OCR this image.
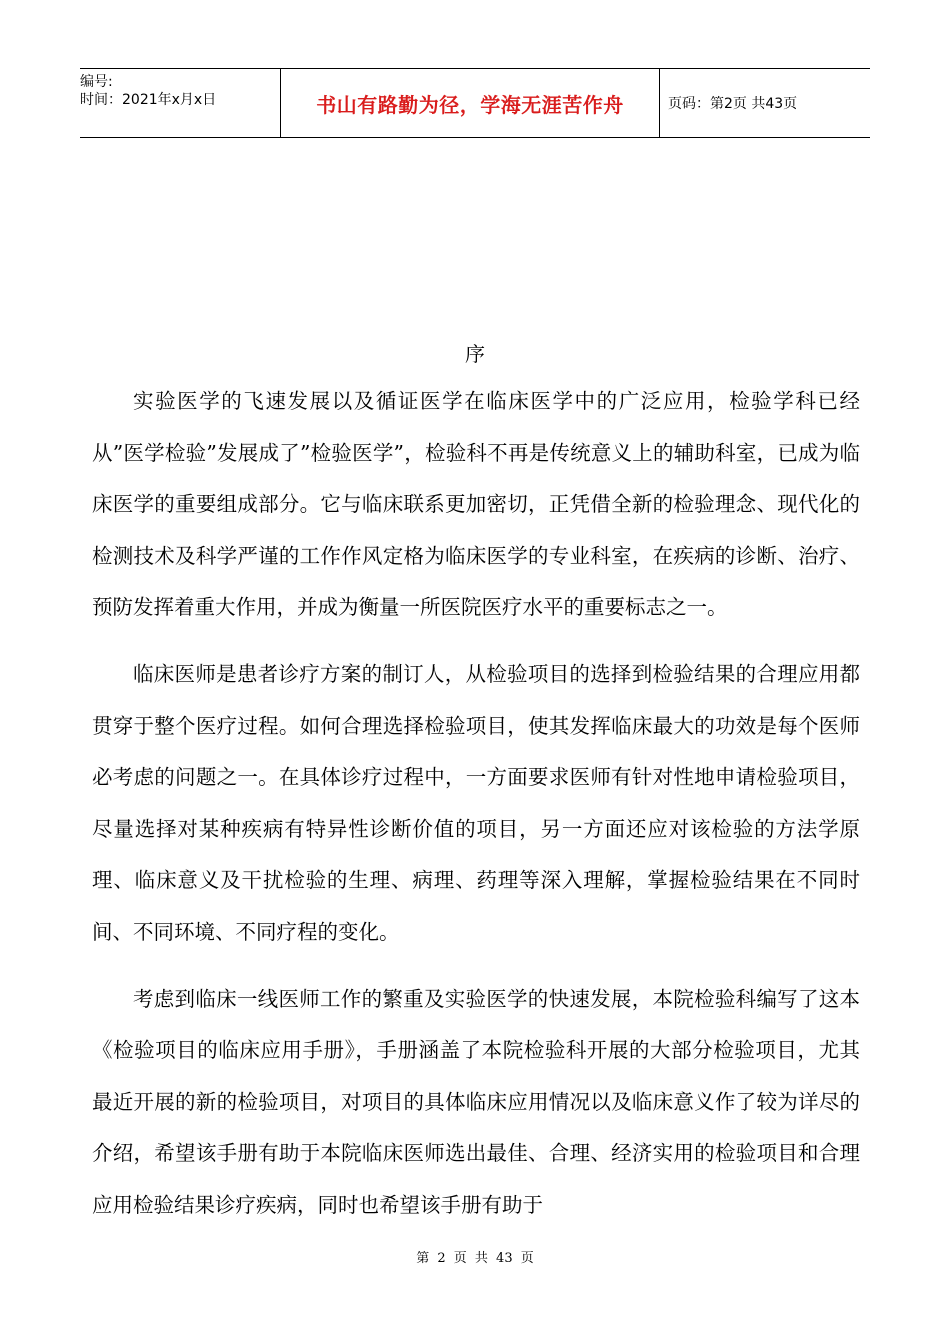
编号:
时间：2021年x月x日	书山有路勤为径，学海无涯苦作舟	页码：第2页 共43页
序

实验医学的飞速发展以及循证医学在临床医学中的广泛应用，检验学科已经从”医学检验”发展成了”检验医学”，检验科不再是传统意义上的辅助科室，已成为临床医学的重要组成部分。它与临床联系更加密切，正凭借全新的检验理念、现代化的检测技术及科学严谨的工作作风定格为临床医学的专业科室，在疾病的诊断、治疗、预防发挥着重大作用，并成为衡量一所医院医疗水平的重要标志之一。

临床医师是患者诊疗方案的制订人，从检验项目的选择到检验结果的合理应用都贯穿于整个医疗过程。如何合理选择检验项目，使其发挥临床最大的功效是每个医师必考虑的问题之一。在具体诊疗过程中，一方面要求医师有针对性地申请检验项目，尽量选择对某种疾病有特异性诊断价值的项目，另一方面还应对该检验的方法学原理、临床意义及干扰检验的生理、病理、药理等深入理解，掌握检验结果在不同时间、不同环境、不同疗程的变化。

考虑到临床一线医师工作的繁重及实验医学的快速发展，本院检验科编写了这本《检验项目的临床应用手册》，手册涵盖了本院检验科开展的大部分检验项目，尤其最近开展的新的检验项目，对项目的具体临床应用情况以及临床意义作了较为详尽的介绍，希望该手册有助于本院临床医师选出最佳、合理、经济实用的检验项目和合理应用检验结果诊疗疾病，同时也希望该手册有助于

第 2 页 共 43 页
